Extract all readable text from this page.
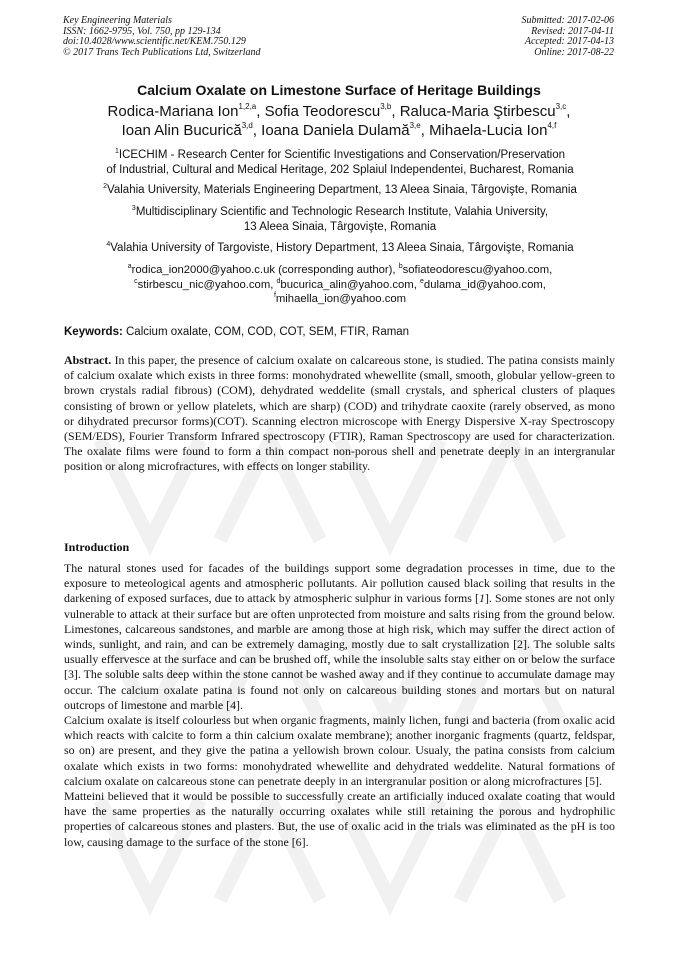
Key Engineering Materials
ISSN: 1662-9795, Vol. 750, pp 129-134
doi:10.4028/www.scientific.net/KEM.750.129
© 2017 Trans Tech Publications Ltd, Switzerland
Submitted: 2017-02-06
Revised: 2017-04-11
Accepted: 2017-04-13
Online: 2017-08-22
Calcium Oxalate on Limestone Surface of Heritage Buildings
Rodica-Mariana Ion$^{1,2,a}$, Sofia Teodorescu$^{3,b}$, Raluca-Maria Ştirbescu$^{3,c}$,
Ioan Alin Bucurică$^{3,d}$, Ioana Daniela Dulamă$^{3,e}$, Mihaela-Lucia Ion$^{4,f}$
$^1$ICECHIM - Research Center for Scientific Investigations and Conservation/Preservation
of Industrial, Cultural and Medical Heritage, 202 Splaiul Independentei, Bucharest, Romania
$^2$Valahia University, Materials Engineering Department, 13 Aleea Sinaia, Târgovişte, Romania
$^3$Multidisciplinary Scientific and Technologic Research Institute, Valahia University,
13 Aleea Sinaia, Târgovişte, Romania
$^4$Valahia University of Targoviste, History Department, 13 Aleea Sinaia, Târgovişte, Romania
$^a$rodica_ion2000@yahoo.c.uk (corresponding author), $^b$sofiateodorescu@yahoo.com,
$^c$stirbescu_nic@yahoo.com, $^d$bucurica_alin@yahoo.com, $^e$dulama_id@yahoo.com,
$^f$mihaella_ion@yahoo.com
Keywords: Calcium oxalate, COM, COD, COT, SEM, FTIR, Raman
Abstract. In this paper, the presence of calcium oxalate on calcareous stone, is studied. The patina consists mainly of calcium oxalate which exists in three forms: monohydrated whewellite (small, smooth, globular yellow-green to brown crystals radial fibrous) (COM), dehydrated weddelite (small crystals, and spherical clusters of plaques consisting of brown or yellow platelets, which are sharp) (COD) and trihydrate caoxite (rarely observed, as mono or dihydrated precursor forms)(COT). Scanning electron microscope with Energy Dispersive X-ray Spectroscopy (SEM/EDS), Fourier Transform Infrared spectroscopy (FTIR), Raman Spectroscopy are used for characterization. The oxalate films were found to form a thin compact non-porous shell and penetrate deeply in an intergranular position or along microfractures, with effects on longer stability.
Introduction

The natural stones used for facades of the buildings support some degradation processes in time, due to the exposure to meteological agents and atmospheric pollutants. Air pollution caused black soiling that results in the darkening of exposed surfaces, due to attack by atmospheric sulphur in various forms [1]. Some stones are not only vulnerable to attack at their surface but are often unprotected from moisture and salts rising from the ground below. Limestones, calcareous sandstones, and marble are among those at high risk, which may suffer the direct action of winds, sunlight, and rain, and can be extremely damaging, mostly due to salt crystallization [2]. The soluble salts usually effervesce at the surface and can be brushed off, while the insoluble salts stay either on or below the surface [3]. The soluble salts deep within the stone cannot be washed away and if they continue to accumulate damage may occur. The calcium oxalate patina is found not only on calcareous building stones and mortars but on natural outcrops of limestone and marble [4].

Calcium oxalate is itself colourless but when organic fragments, mainly lichen, fungi and bacteria (from oxalic acid which reacts with calcite to form a thin calcium oxalate membrane); another inorganic fragments (quartz, feldspar, so on) are present, and they give the patina a yellowish brown colour. Usualy, the patina consists from calcium oxalate which exists in two forms: monohydrated whewellite and dehydrated weddelite. Natural formations of calcium oxalate on calcareous stone can penetrate deeply in an intergranular position or along microfractures [5].

Matteini believed that it would be possible to successfully create an artificially induced oxalate coating that would have the same properties as the naturally occurring oxalates while still retaining the porous and hydrophilic properties of calcareous stones and plasters. But, the use of oxalic acid in the trials was eliminated as the pH is too low, causing damage to the surface of the stone [6].
